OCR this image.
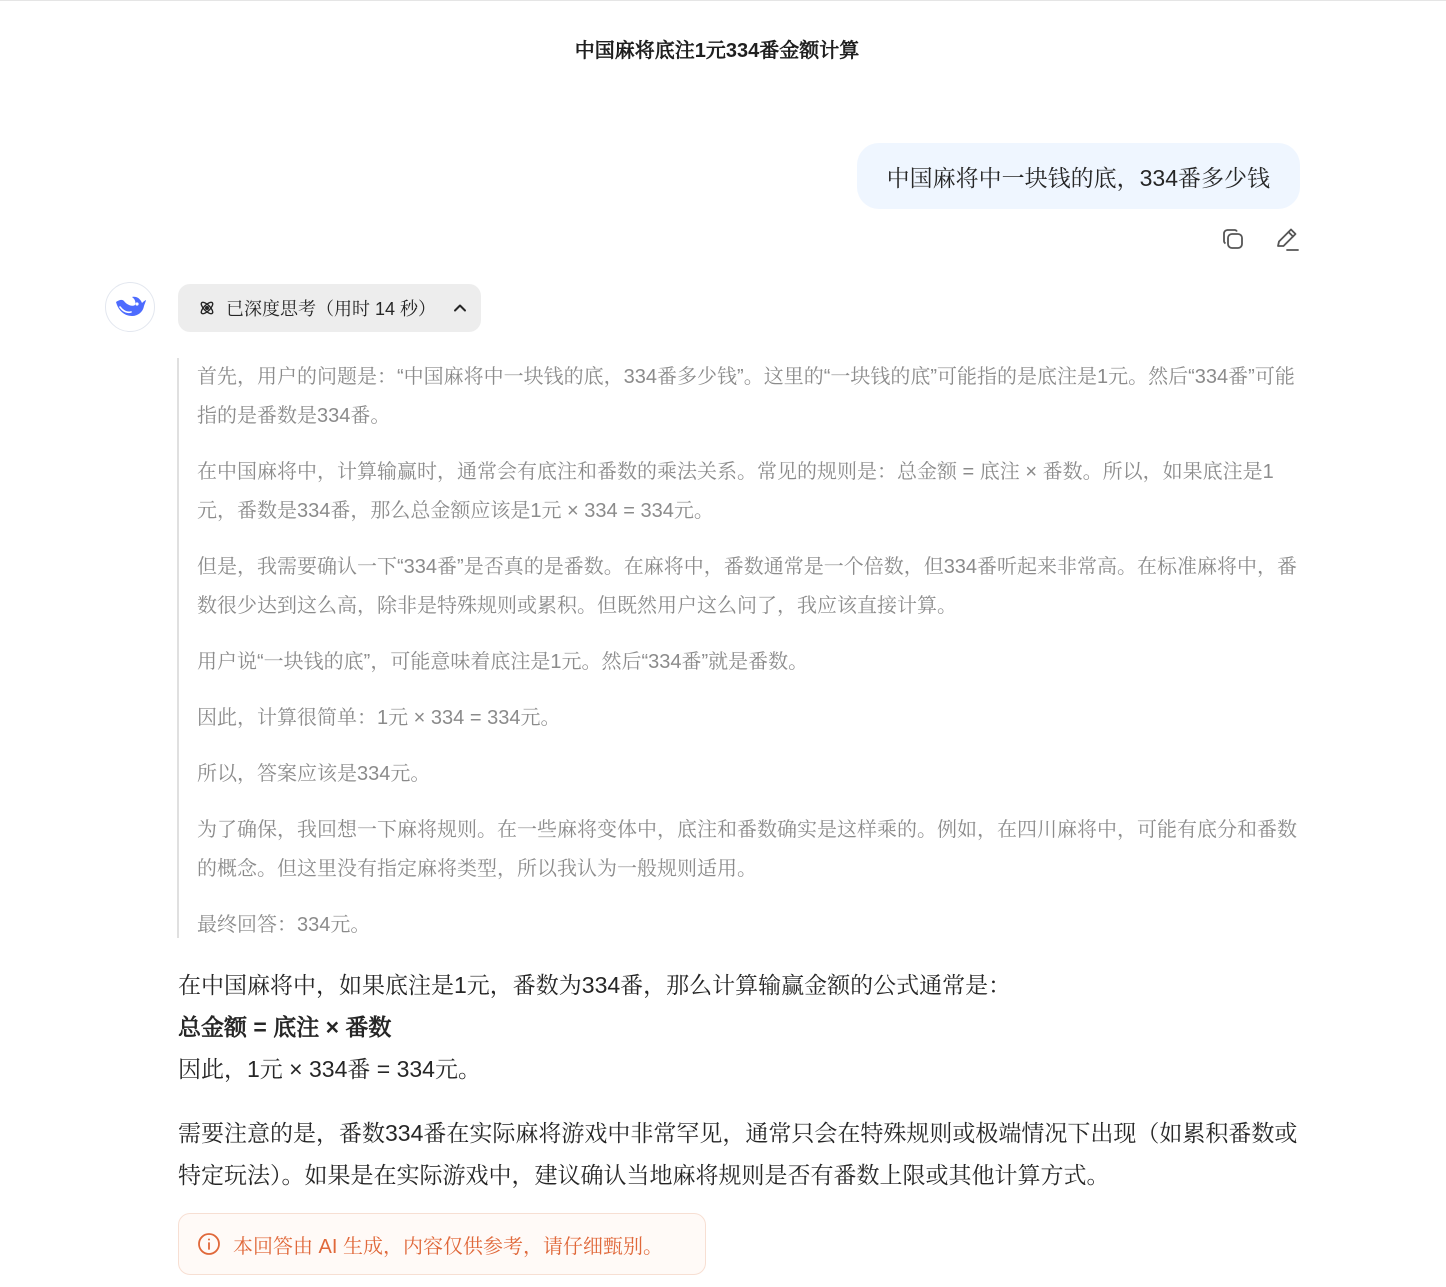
中国麻将底注1元334番金额计算
中国麻将中一块钱的底，334番多少钱
已深度思考（用时 14 秒）

首先，用户的问题是：“中国麻将中一块钱的底，334番多少钱”。这里的“一块钱的底”可能指的是底注是1元。然后“334番”可能指的是番数是334番。

在中国麻将中，计算输赢时，通常会有底注和番数的乘法关系。常见的规则是：总金额 = 底注 × 番数。所以，如果底注是1元，番数是334番，那么总金额应该是1元 × 334 = 334元。

但是，我需要确认一下“334番”是否真的是番数。在麻将中，番数通常是一个倍数，但334番听起来非常高。在标准麻将中，番数很少达到这么高，除非是特殊规则或累积。但既然用户这么问了，我应该直接计算。

用户说“一块钱的底”，可能意味着底注是1元。然后“334番”就是番数。

因此，计算很简单：1元 × 334 = 334元。

所以，答案应该是334元。

为了确保，我回想一下麻将规则。在一些麻将变体中，底注和番数确实是这样乘的。例如，在四川麻将中，可能有底分和番数的概念。但这里没有指定麻将类型，所以我认为一般规则适用。

最终回答：334元。

在中国麻将中，如果底注是1元，番数为334番，那么计算输赢金额的公式通常是：

总金额 = 底注 × 番数

因此，1元 × 334番 = 334元。

需要注意的是，番数334番在实际麻将游戏中非常罕见，通常只会在特殊规则或极端情况下出现（如累积番数或特定玩法）。如果是在实际游戏中，建议确认当地麻将规则是否有番数上限或其他计算方式。

本回答由 AI 生成，内容仅供参考，请仔细甄别。
